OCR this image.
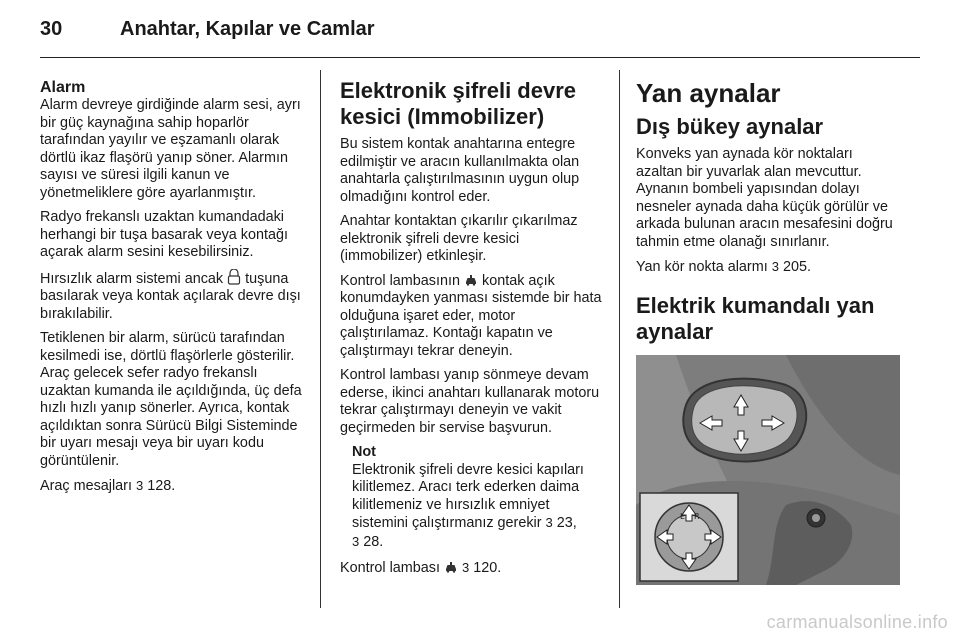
30	Anahtar, Kapılar ve Camlar
Alarm

Alarm devreye girdiğinde alarm sesi, ayrı bir güç kaynağına sahip hoparlör tarafından yayılır ve eşzamanlı olarak dörtlü ikaz flaşörü yanıp söner. Alarmın sayısı ve süresi ilgili kanun ve yönetmeliklere göre ayarlanmıştır.

Radyo frekanslı uzaktan kumandadaki herhangi bir tuşa basarak veya kontağı açarak alarm sesini kesebilirsiniz.

Hırsızlık alarm sistemi ancak tuşuna basılarak veya kontak açılarak devre dışı bırakılabilir.

Tetiklenen bir alarm, sürücü tarafından kesilmedi ise, dörtlü flaşörlerle gösterilir. Araç gelecek sefer radyo frekanslı uzaktan kumanda ile açıldığında, üç defa hızlı hızlı yanıp sönerler. Ayrıca, kontak açıldıktan sonra Sürücü Bilgi Sisteminde bir uyarı mesajı veya bir uyarı kodu görüntülenir.

Araç mesajları 3 128.

Elektronik şifreli devre kesici (Immobilizer)

Bu sistem kontak anahtarına entegre edilmiştir ve aracın kullanılmakta olan anahtarla çalıştırılmasının uygun olup olmadığını kontrol eder.

Anahtar kontaktan çıkarılır çıkarılmaz elektronik şifreli devre kesici (immobilizer) etkinleşir.

Kontrol lambasının kontak açık konumdayken yanması sistemde bir hata olduğuna işaret eder, motor çalıştırılamaz. Kontağı kapatın ve çalıştırmayı tekrar deneyin.

Kontrol lambası yanıp sönmeye devam ederse, ikinci anahtarı kullanarak motoru tekrar çalıştırmayı deneyin ve vakit geçirmeden bir servise başvurun.

Not

Elektronik şifreli devre kesici kapıları kilitlemez. Aracı terk ederken daima kilitlemeniz ve hırsızlık emniyet sistemini çalıştırmanız gerekir 3 23,
3 28.

Kontrol lambası 3 120.

Yan aynalar
Dış bükey aynalar

Konveks yan aynada kör noktaları azaltan bir yuvarlak alan mevcuttur. Aynanın bombeli yapısından dolayı nesneler aynada daha küçük görülür ve arkada bulunan aracın mesafesini doğru tahmin etme olanağı sınırlanır.

Yan kör nokta alarmı 3 205.

Elektrik kumandalı yan aynalar
L R
carmanualsonline.info
